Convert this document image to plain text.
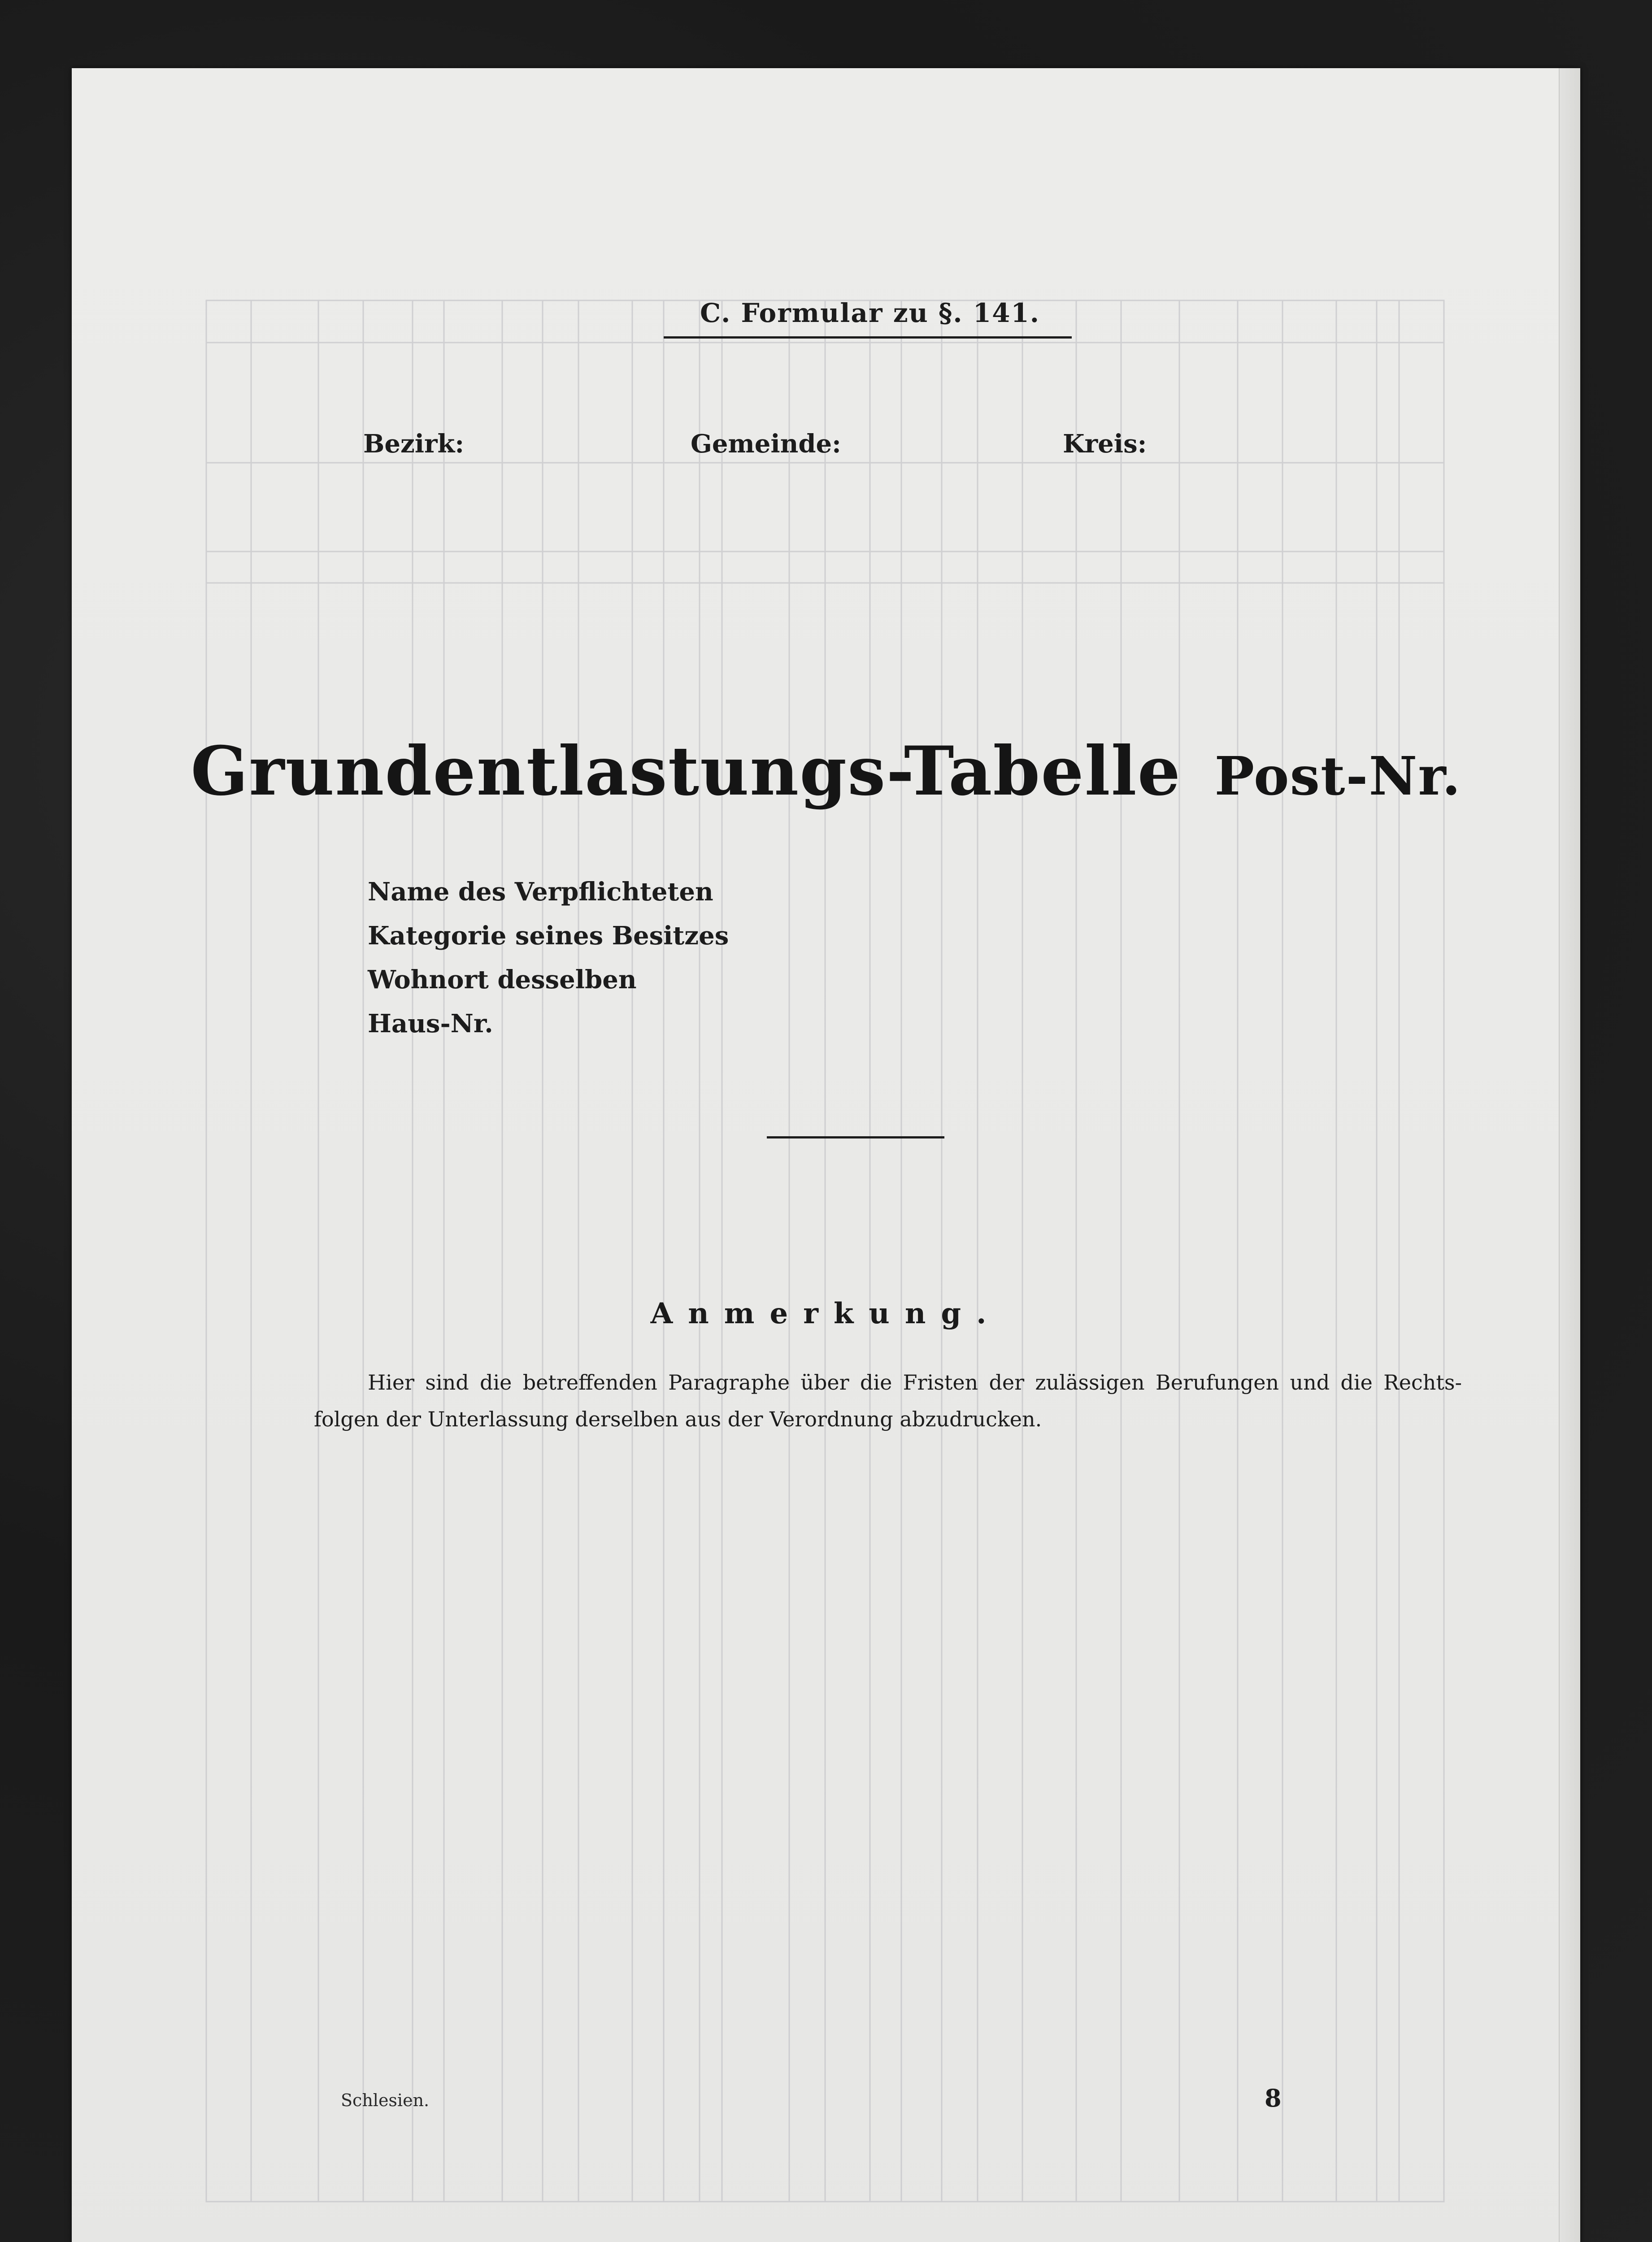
C. Formular zu §. 141.
Bezirk:	Gemeinde:	Kreis:
Grundentlastungs-Tabelle Post-Nr.
Name des Verpflichteten
Kategorie seines Besitzes
Wohnort desselben
Haus-Nr.
Anmerkung.
Hier sind die betreffenden Paragraphe über die Fristen der zulässigen Berufungen und die Rechts-
folgen der Unterlassung derselben aus der Verordnung abzudrucken.
Schlesien.	8
